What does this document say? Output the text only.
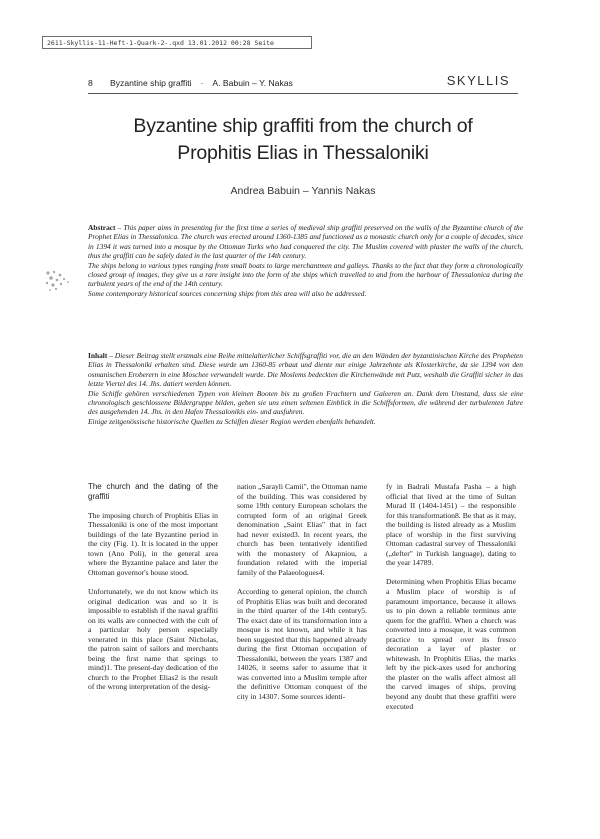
2611-Skyllis-11-Heft-1-Quark-2-.qxd 13.01.2012 00:28 Seite
8	Byzantine ship graffiti · A. Babuin – Y. Nakas	SKYLLIS
Byzantine ship graffiti from the church of
Prophitis Elias in Thessaloniki
Andrea Babuin – Yannis Nakas

Abstract – This paper aims in presenting for the first time a series of medieval ship graffiti preserved on the walls of the Byzantine church of the Prophet Elias in Thessalonica. The church was erected around 1360-1385 and functioned as a monastic church only for a couple of decades, since in 1394 it was turned into a mosque by the Ottoman Turks who had conquered the city. The Muslim covered with plaster the walls of the church, thus the graffiti can be safely dated in the last quarter of the 14th century.

The ships belong to various types ranging from small boats to large merchantmen and galleys. Thanks to the fact that they form a chronologically closed group of images, they give us a rare insight into the form of the ships which travelled to and from the harbour of Thessalonica during the turbulent years of the end of the 14th century.

Some contemporary historical sources concerning ships from this area will also be addressed.

Inhalt – Dieser Beitrag stellt erstmals eine Reihe mittelalterlicher Schiffsgraffiti vor, die an den Wänden der byzantinischen Kirche des Propheten Elias in Thessaloniki erhalten sind. Diese wurde um 1360-85 erbaut und diente nur einige Jahrzehnte als Klosterkirche, da sie 1394 von den osmanischen Eroberern in eine Moschee verwandelt wurde. Die Moslems bedeckten die Kirchenwände mit Putz, weshalb die Graffiti sicher in das letzte Viertel des 14. Jhs. datiert werden können.

Die Schiffe gehören verschiedenen Typen von kleinen Booten bis zu großen Frachtern und Galeeren an. Dank dem Umstand, dass sie eine chronologisch geschlossene Bildergruppe bilden, geben sie uns einen seltenen Einblick in die Schiffsformen, die während der turbulenten Jahre des ausgehenden 14. Jhs. in den Hafen Thessalonikis ein- und ausfuhren.

Einige zeitgenössische historische Quellen zu Schiffen dieser Region werden ebenfalls behandelt.

The church and the dating of the graffiti

The imposing church of Prophitis Elias in Thessaloniki is one of the most important buildings of the late Byzantine period in the city (Fig. 1). It is located in the upper town (Ano Poli), in the general area where the Byzantine palace and later the Ottoman governor's house stood.

Unfortunately, we do not know which its original dedication was and so it is impossible to establish if the naval graffiti on its walls are connected with the cult of a particular holy person especially venerated in this place (Saint Nicholas, the patron saint of sailors and merchants being the first name that springs to mind)1. The present-day dedication of the church to the Prophet Elias2 is the result of the wrong interpretation of the desig-

nation „Sarayli Camii", the Ottoman name of the building. This was considered by some 19th century European scholars the corrupted form of an original Greek denomination „Saint Elias" that in fact had never existed3. In recent years, the church has been tentatively identified with the monastery of Akapniou, a foundation related with the imperial family of the Palaeologues4.

According to general opinion, the church of Prophitis Elias was built and decorated in the third quarter of the 14th century5. The exact date of its transformation into a mosque is not known, and while it has been suggested that this happened already during the first Ottoman occupation of Thessaloniki, between the years 1387 and 14026, it seems safer to assume that it was converted into a Muslim temple after the definitive Ottoman conquest of the city in 14307. Some sources identi-

fy in Badrali Mustafa Pasha – a high official that lived at the time of Sultan Murad II (1404-1451) – the responsible for this transformation8. Be that as it may, the building is listed already as a Muslim place of worship in the first surviving Ottoman cadastral survey of Thessaloniki („defter" in Turkish language), dating to the year 14789.

Determining when Prophitis Elias became a Muslim place of worship is of paramount importance, because it allows us to pin down a reliable terminus ante quem for the graffiti. When a church was converted into a mosque, it was common practice to spread over its fresco decoration a layer of plaster or whitewash. In Prophitis Elias, the marks left by the pick-axes used for anchoring the plaster on the walls affect almost all the carved images of ships, proving beyond any doubt that these graffiti were executed
